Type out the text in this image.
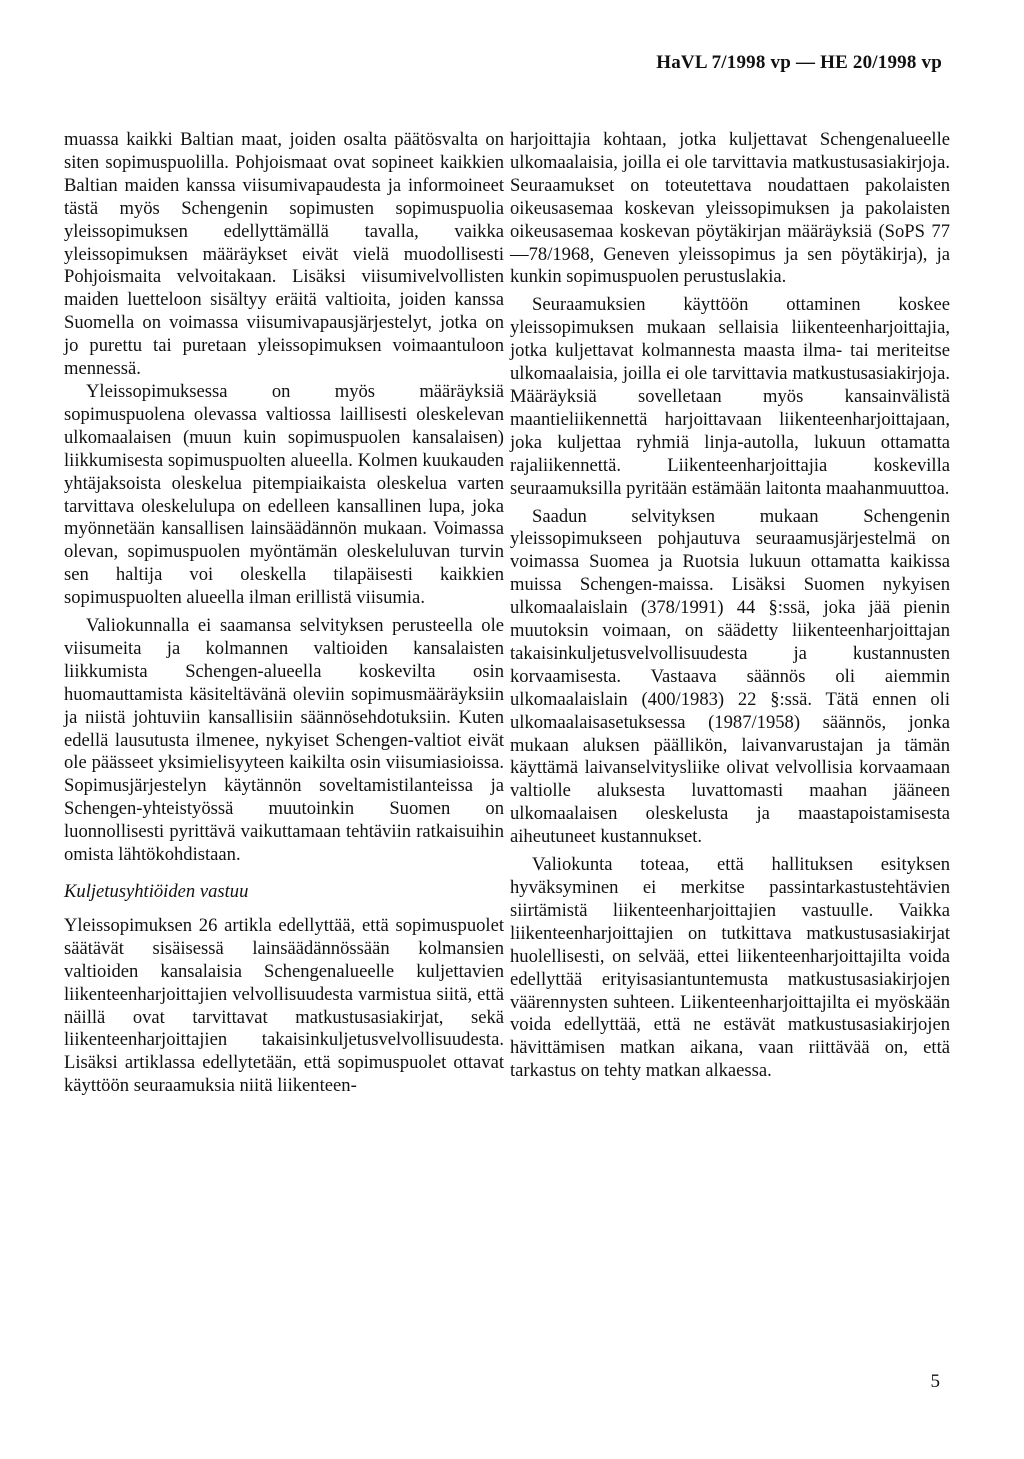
HaVL 7/1998 vp — HE 20/1998 vp

muassa kaikki Baltian maat, joiden osalta päätösvalta on siten sopimuspuolilla. Pohjoismaat ovat sopineet kaikkien Baltian maiden kanssa viisumivapaudesta ja informoineet tästä myös Schengenin sopimusten sopimuspuolia yleissopimuksen edellyttämällä tavalla, vaikka yleissopimuksen määräykset eivät vielä muodollisesti Pohjoismaita velvoitakaan. Lisäksi viisumivelvollisten maiden luetteloon sisältyy eräitä valtioita, joiden kanssa Suomella on voimassa viisumivapausjärjestelyt, jotka on jo purettu tai puretaan yleissopimuksen voimaantuloon mennessä.

Yleissopimuksessa on myös määräyksiä sopimuspuolena olevassa valtiossa laillisesti oleskelevan ulkomaalaisen (muun kuin sopimuspuolen kansalaisen) liikkumisesta sopimuspuolten alueella. Kolmen kuukauden yhtäjaksoista oleskelua pitempiaikaista oleskelua varten tarvittava oleskelulupa on edelleen kansallinen lupa, joka myönnetään kansallisen lainsäädännön mukaan. Voimassa olevan, sopimuspuolen myöntämän oleskeluluvan turvin sen haltija voi oleskella tilapäisesti kaikkien sopimuspuolten alueella ilman erillistä viisumia.

Valiokunnalla ei saamansa selvityksen perusteella ole viisumeita ja kolmannen valtioiden kansalaisten liikkumista Schengen-alueella koskevilta osin huomauttamista käsiteltävänä oleviin sopimusmääräyksiin ja niistä johtuviin kansallisiin säännösehdotuksiin. Kuten edellä lausutusta ilmenee, nykyiset Schengen-valtiot eivät ole päässeet yksimielisyyteen kaikilta osin viisumiasioissa. Sopimusjärjestelyn käytännön soveltamistilanteissa ja Schengen-yhteistyössä muutoinkin Suomen on luonnollisesti pyrittävä vaikuttamaan tehtäviin ratkaisuihin omista lähtökohdistaan.

Kuljetusyhtiöiden vastuu

Yleissopimuksen 26 artikla edellyttää, että sopimuspuolet säätävät sisäisessä lainsäädännössään kolmansien valtioiden kansalaisia Schengenalueelle kuljettavien liikenteenharjoittajien velvollisuudesta varmistua siitä, että näillä ovat tarvittavat matkustusasiakirjat, sekä liikenteenharjoittajien takaisinkuljetusvelvollisuudesta. Lisäksi artiklassa edellytetään, että sopimuspuolet ottavat käyttöön seuraamuksia niitä liikenteen-

harjoittajia kohtaan, jotka kuljettavat Schengenalueelle ulkomaalaisia, joilla ei ole tarvittavia matkustusasiakirjoja. Seuraamukset on toteutettava noudattaen pakolaisten oikeusasemaa koskevan yleissopimuksen ja pakolaisten oikeusasemaa koskevan pöytäkirjan määräyksiä (SoPS 77—78/1968, Geneven yleissopimus ja sen pöytäkirja), ja kunkin sopimuspuolen perustuslakia.

Seuraamuksien käyttöön ottaminen koskee yleissopimuksen mukaan sellaisia liikenteenharjoittajia, jotka kuljettavat kolmannesta maasta ilma- tai meriteitse ulkomaalaisia, joilla ei ole tarvittavia matkustusasiakirjoja. Määräyksiä sovelletaan myös kansainvälistä maantieliikennettä harjoittavaan liikenteenharjoittajaan, joka kuljettaa ryhmiä linja-autolla, lukuun ottamatta rajaliikennettä. Liikenteenharjoittajia koskevilla seuraamuksilla pyritään estämään laitonta maahanmuuttoa.

Saadun selvityksen mukaan Schengenin yleissopimukseen pohjautuva seuraamusjärjestelmä on voimassa Suomea ja Ruotsia lukuun ottamatta kaikissa muissa Schengen-maissa. Lisäksi Suomen nykyisen ulkomaalaislain (378/1991) 44 §:ssä, joka jää pienin muutoksin voimaan, on säädetty liikenteenharjoittajan takaisinkuljetusvelvollisuudesta ja kustannusten korvaamisesta. Vastaava säännös oli aiemmin ulkomaalaislain (400/1983) 22 §:ssä. Tätä ennen oli ulkomaalaisasetuksessa (1987/1958) säännös, jonka mukaan aluksen päällikön, laivanvarustajan ja tämän käyttämä laivanselvitysliike olivat velvollisia korvaamaan valtiolle aluksesta luvattomasti maahan jääneen ulkomaalaisen oleskelusta ja maastapoistamisesta aiheutuneet kustannukset.

Valiokunta toteaa, että hallituksen esityksen hyväksyminen ei merkitse passintarkastustehtävien siirtämistä liikenteenharjoittajien vastuulle. Vaikka liikenteenharjoittajien on tutkittava matkustusasiakirjat huolellisesti, on selvää, ettei liikenteenharjoittajilta voida edellyttää erityisasiantuntemusta matkustusasiakirjojen väärennysten suhteen. Liikenteenharjoittajilta ei myöskään voida edellyttää, että ne estävät matkustusasiakirjojen hävittämisen matkan aikana, vaan riittävää on, että tarkastus on tehty matkan alkaessa.

5
